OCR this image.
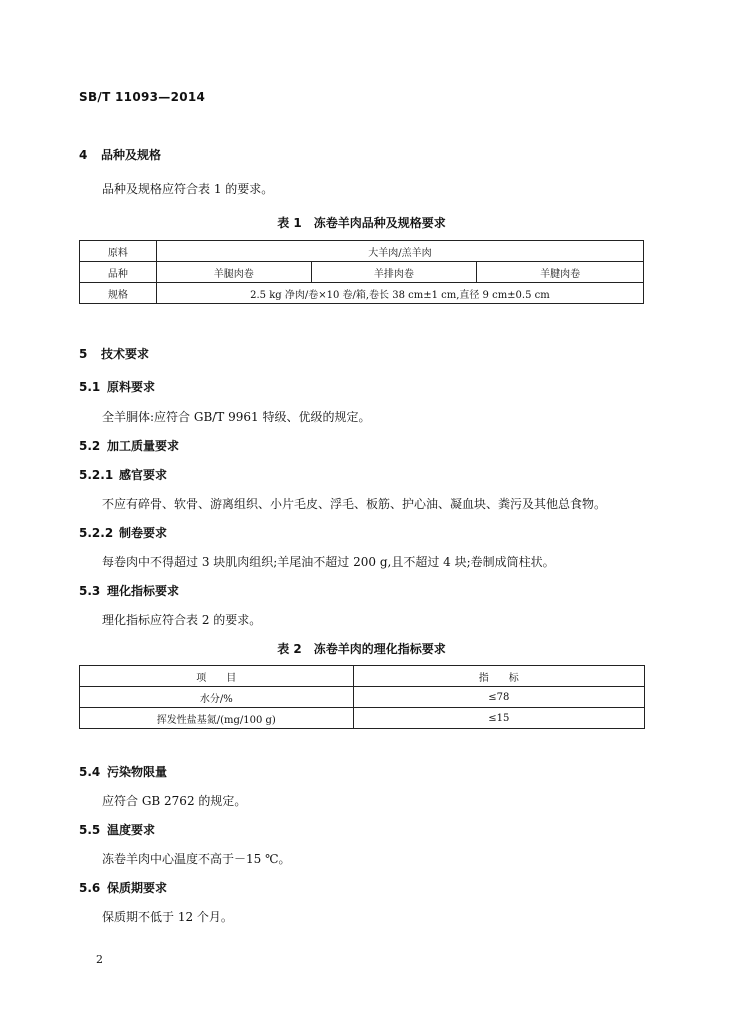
SB/T 11093—2014
4 品种及规格
品种及规格应符合表 1 的要求。
表 1　冻卷羊肉品种及规格要求
原料	大羊肉/羔羊肉		
品种	羊腿肉卷	羊排肉卷	羊腱肉卷
规格	2.5 kg 净肉/卷×10 卷/箱,卷长 38 cm±1 cm,直径 9 cm±0.5 cm		
5 技术要求
5.1 原料要求
全羊胴体:应符合 GB/T 9961 特级、优级的规定。
5.2 加工质量要求
5.2.1 感官要求
不应有碎骨、软骨、游离组织、小片毛皮、浮毛、板筋、护心油、凝血块、粪污及其他总食物。
5.2.2 制卷要求
每卷肉中不得超过 3 块肌肉组织;羊尾油不超过 200 g,且不超过 4 块;卷制成筒柱状。
5.3 理化指标要求
理化指标应符合表 2 的要求。
表 2　冻卷羊肉的理化指标要求
项　　目	指　　标
水分/%	≤78
挥发性盐基氮/(mg/100 g)	≤15
5.4 污染物限量
应符合 GB 2762 的规定。
5.5 温度要求
冻卷羊肉中心温度不高于－15 ℃。
5.6 保质期要求
保质期不低于 12 个月。
2
